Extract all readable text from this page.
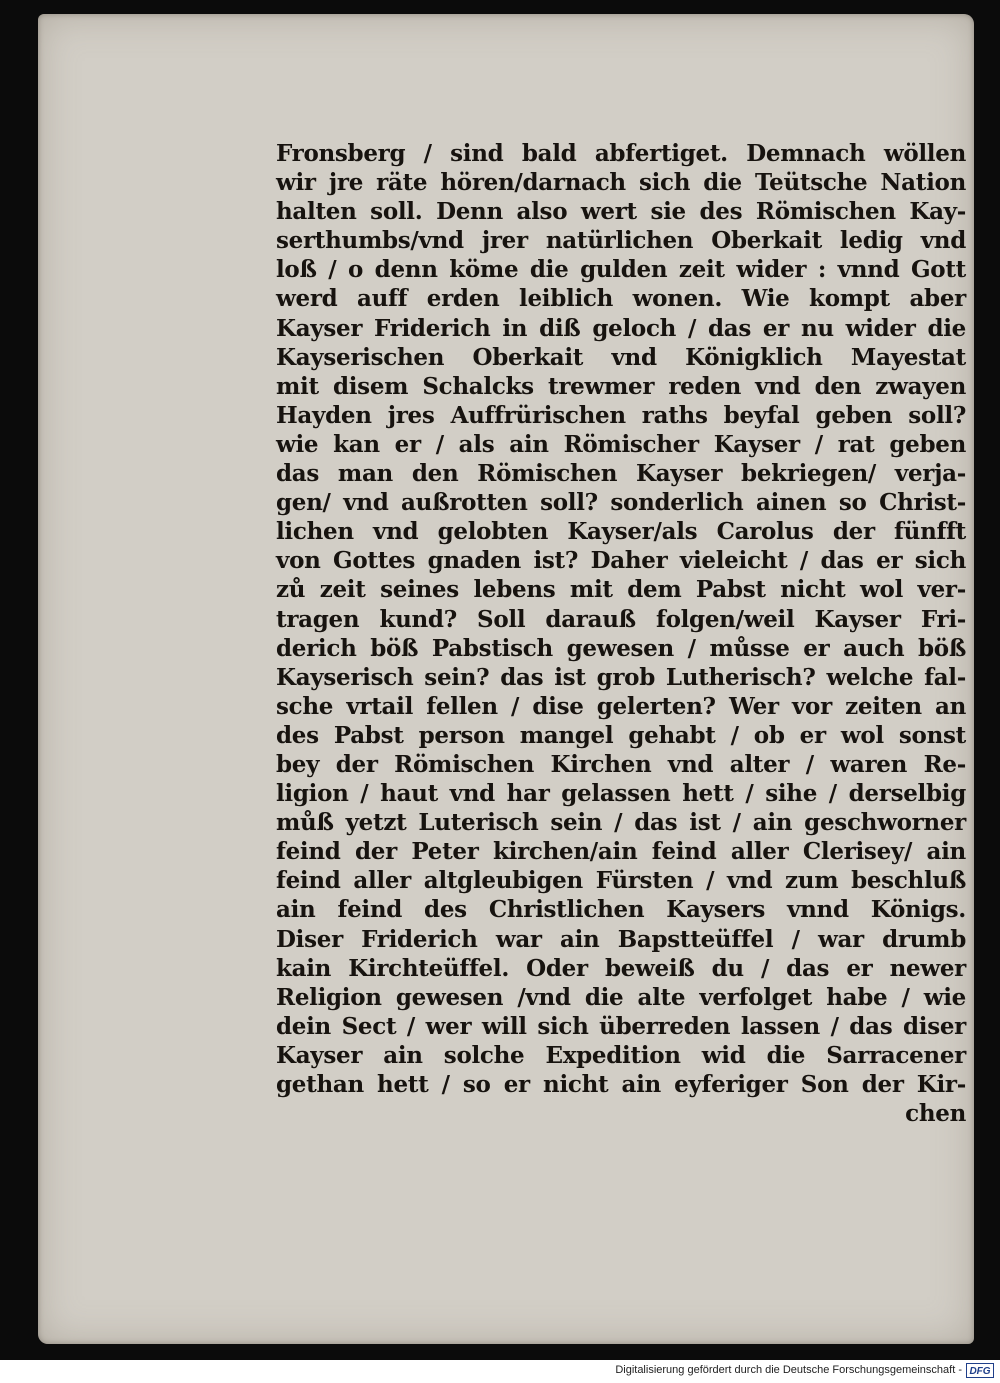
Fronsberg / sind bald abfertiget. Demnach wöllen
wir jre räte hören/darnach sich die Teütsche Nation
halten soll. Denn also wert sie des Römischen Kay‑
serthumbs/vnd jrer natürlichen Oberkait ledig vnd
loß / o denn köme die gulden zeit wider : vnnd Gott
werd auff erden leiblich wonen. Wie kompt aber
Kayser Friderich in diß geloch / das er nu wider die
Kayserischen Oberkait vnd Königklich Mayestat
mit disem Schalcks trewmer reden vnd den zwayen
Hayden jres Auffrürischen raths beyfal geben soll?
wie kan er / als ain Römischer Kayser / rat geben
das man den Römischen Kayser bekriegen/ verja‑
gen/ vnd außrotten soll? sonderlich ainen so Christ‑
lichen vnd gelobten Kayser/als Carolus der fünfft
von Gottes gnaden ist? Daher vieleicht / das er sich
zů zeit seines lebens mit dem Pabst nicht wol ver‑
tragen kund? Soll darauß folgen/weil Kayser Fri‑
derich böß Pabstisch gewesen / můsse er auch böß
Kayserisch sein? das ist grob Lutherisch? welche fal‑
sche vrtail fellen / dise gelerten? Wer vor zeiten an
des Pabst person mangel gehabt / ob er wol sonst
bey der Römischen Kirchen vnd alter / waren Re‑
ligion / haut vnd har gelassen hett / sihe / derselbig
můß yetzt Luterisch sein / das ist / ain geschworner
feind der Peter kirchen/ain feind aller Clerisey/ ain
feind aller altgleubigen Fürsten / vnd zum beschluß
ain feind des Christlichen Kaysers vnnd Königs.
Diser Friderich war ain Bapstteüffel / war drumb
kain Kirchteüffel. Oder beweiß du / das er newer
Religion gewesen /vnd die alte verfolget habe / wie
dein Sect / wer will sich überreden lassen / das diser
Kayser ain solche Expedition wid die Sarracener
gethan hett / so er nicht ain eyferiger Son der Kir‑
chen
Digitalisierung gefördert durch die Deutsche Forschungsgemeinschaft - DFG
